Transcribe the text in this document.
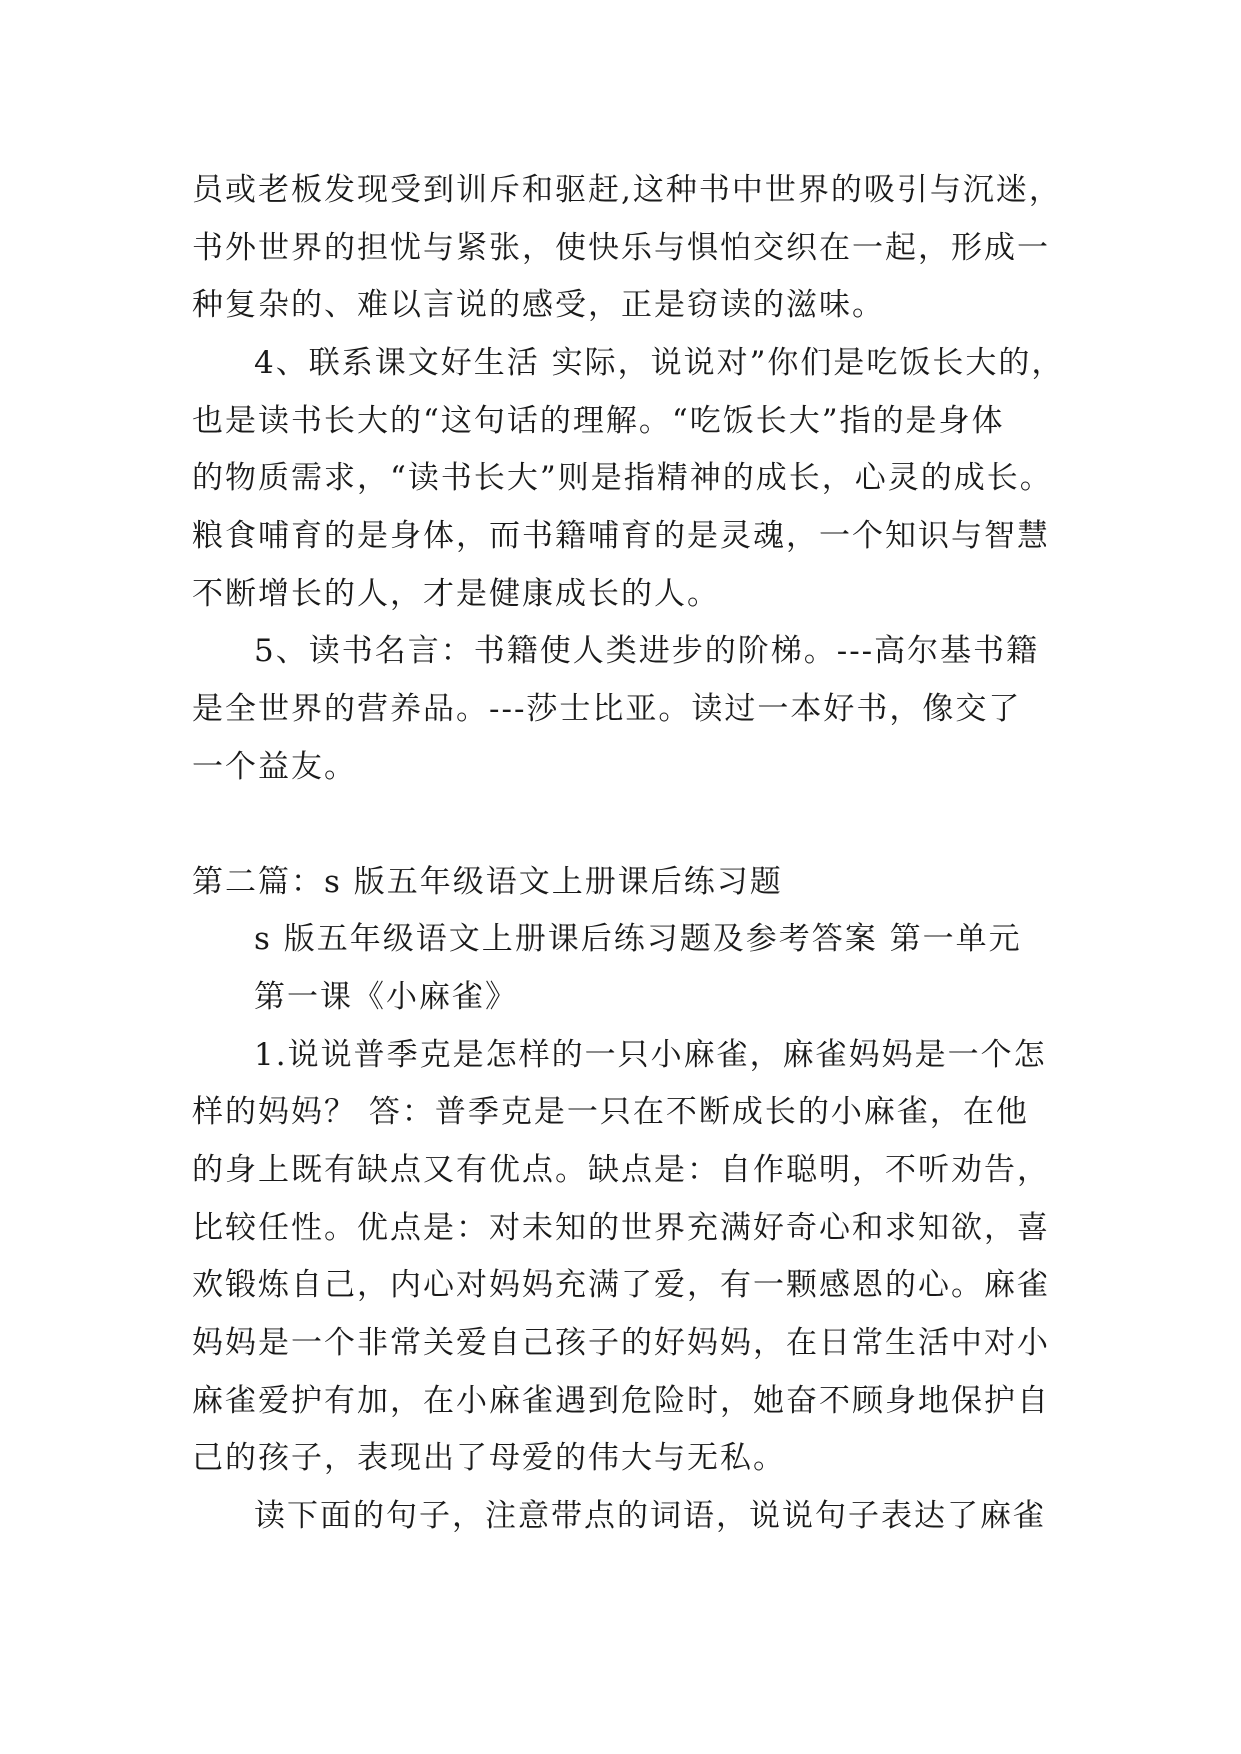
员或老板发现受到训斥和驱赶,这种书中世界的吸引与沉迷，
书外世界的担忧与紧张，使快乐与惧怕交织在一起，形成一
种复杂的、难以言说的感受，正是窃读的滋味。
4、联系课文好生活 实际，说说对”你们是吃饭长大的，
也是读书长大的“这句话的理解。“吃饭长大”指的是身体
的物质需求，“读书长大”则是指精神的成长，心灵的成长。
粮食哺育的是身体，而书籍哺育的是灵魂，一个知识与智慧
不断增长的人，才是健康成长的人。
5、读书名言：书籍使人类进步的阶梯。---高尔基书籍
是全世界的营养品。---莎士比亚。读过一本好书，像交了
一个益友。
第二篇：s 版五年级语文上册课后练习题
s 版五年级语文上册课后练习题及参考答案 第一单元
第一课《小麻雀》
1.说说普季克是怎样的一只小麻雀，麻雀妈妈是一个怎
样的妈妈？ 答：普季克是一只在不断成长的小麻雀，在他
的身上既有缺点又有优点。缺点是：自作聪明，不听劝告，
比较任性。优点是：对未知的世界充满好奇心和求知欲，喜
欢锻炼自己，内心对妈妈充满了爱，有一颗感恩的心。麻雀
妈妈是一个非常关爱自己孩子的好妈妈，在日常生活中对小
麻雀爱护有加，在小麻雀遇到危险时，她奋不顾身地保护自
己的孩子，表现出了母爱的伟大与无私。
读下面的句子，注意带点的词语，说说句子表达了麻雀
